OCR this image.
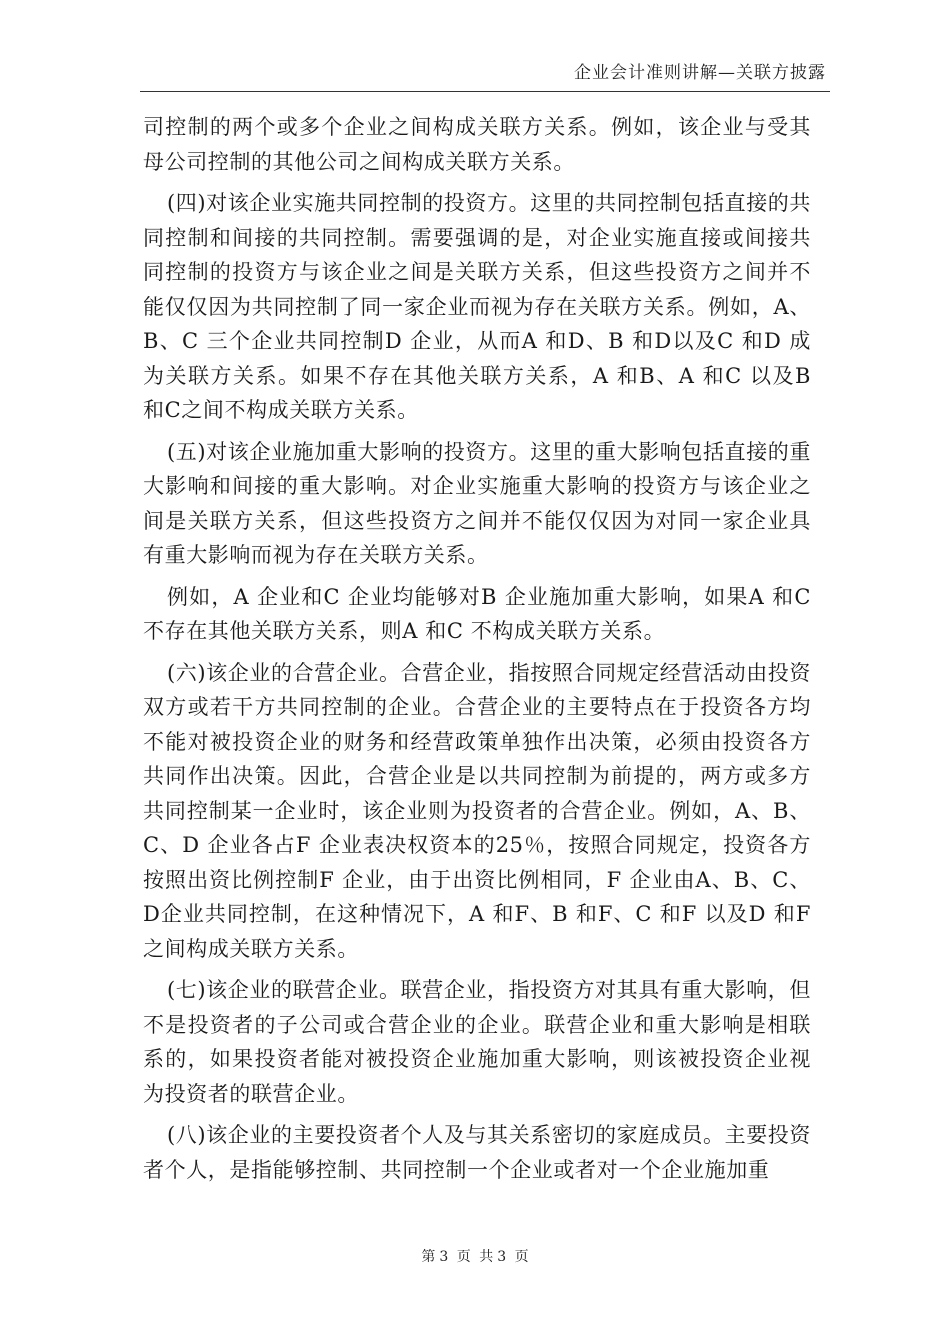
企业会计准则讲解—关联方披露

司控制的两个或多个企业之间构成关联方关系。例如，该企业与受其母公司控制的其他公司之间构成关联方关系。

(四)对该企业实施共同控制的投资方。这里的共同控制包括直接的共同控制和间接的共同控制。需要强调的是，对企业实施直接或间接共同控制的投资方与该企业之间是关联方关系，但这些投资方之间并不能仅仅因为共同控制了同一家企业而视为存在关联方关系。例如，A、B、C 三个企业共同控制D 企业，从而A 和D、B 和D以及C 和D 成为关联方关系。如果不存在其他关联方关系，A 和B、A 和C 以及B 和C之间不构成关联方关系。

(五)对该企业施加重大影响的投资方。这里的重大影响包括直接的重大影响和间接的重大影响。对企业实施重大影响的投资方与该企业之间是关联方关系，但这些投资方之间并不能仅仅因为对同一家企业具有重大影响而视为存在关联方关系。

例如，A 企业和C 企业均能够对B 企业施加重大影响，如果A 和C不存在其他关联方关系，则A 和C 不构成关联方关系。

(六)该企业的合营企业。合营企业，指按照合同规定经营活动由投资双方或若干方共同控制的企业。合营企业的主要特点在于投资各方均不能对被投资企业的财务和经营政策单独作出决策，必须由投资各方共同作出决策。因此，合营企业是以共同控制为前提的，两方或多方共同控制某一企业时，该企业则为投资者的合营企业。例如，A、B、C、D 企业各占F 企业表决权资本的25％，按照合同规定，投资各方按照出资比例控制F 企业，由于出资比例相同，F 企业由A、B、C、D企业共同控制，在这种情况下，A 和F、B 和F、C 和F 以及D 和F 之间构成关联方关系。

(七)该企业的联营企业。联营企业，指投资方对其具有重大影响，但不是投资者的子公司或合营企业的企业。联营企业和重大影响是相联系的，如果投资者能对被投资企业施加重大影响，则该被投资企业视为投资者的联营企业。

(八)该企业的主要投资者个人及与其关系密切的家庭成员。主要投资者个人，是指能够控制、共同控制一个企业或者对一个企业施加重

第 3 页 共 3 页
